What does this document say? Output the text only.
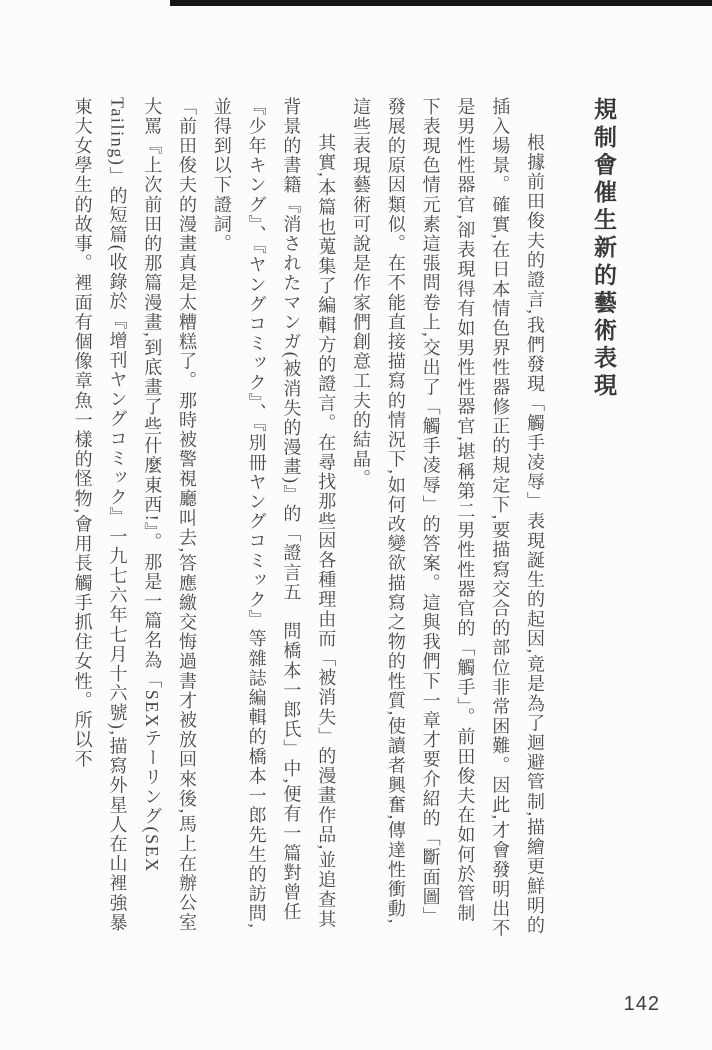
規制會催生新的藝術表現

根據前田俊夫的證言,我們發現「觸手凌辱」表現誕生的起因,竟是為了迴避管制,描繪更鮮明的插入場景。確實,在日本情色界性器修正的規定下,要描寫交合的部位非常困難。因此,才會發明出不是男性性器官,卻表現得有如男性性器官,堪稱第二男性性器官的「觸手」。前田俊夫在如何於管制下表現色情元素這張問卷上,交出了「觸手凌辱」的答案。這與我們下一章才要介紹的「斷面圖」發展的原因類似。在不能直接描寫的情況下,如何改變欲描寫之物的性質,使讀者興奮,傳達性衝動,這些表現藝術可說是作家們創意工夫的結晶。

其實,本篇也蒐集了編輯方的證言。在尋找那些因各種理由而「被消失」的漫畫作品,並追查其背景的書籍『消されたマンガ(被消失的漫畫)』的「證言五　問橋本一郎氏」中,便有一篇對曾任『少年キング』、『ヤングコミック』、『別冊ヤングコミック』等雜誌編輯的橋本一郎先生的訪問,並得到以下證詞。

「前田俊夫的漫畫真是太糟糕了。那時被警視廳叫去,答應繳交悔過書才被放回來後,馬上在辦公室大罵『上次前田的那篇漫畫,到底畫了些什麼東西!』。那是一篇名為「SEXテーリング(SEX Tailing)」的短篇(收錄於『增刊ヤングコミック』一九七六年七月十六號),描寫外星人在山裡強暴東大女學生的故事。裡面有個像章魚一樣的怪物,會用長觸手抓住女性。所以不

142
